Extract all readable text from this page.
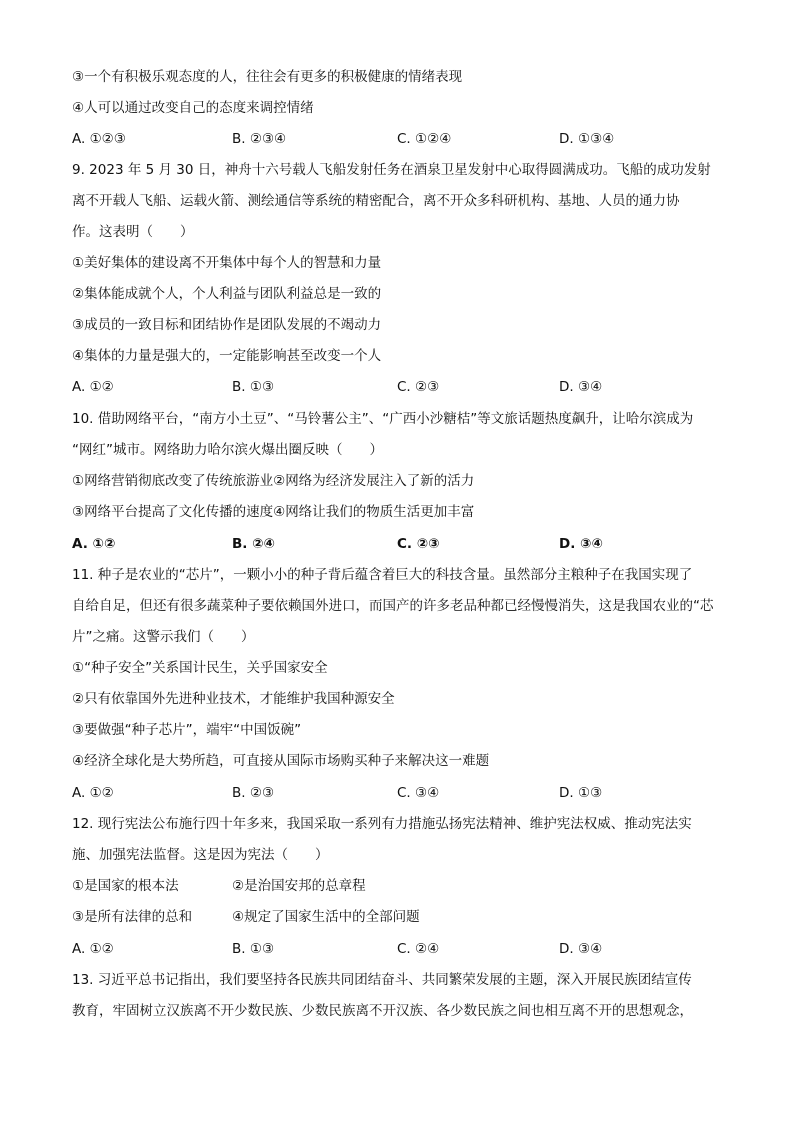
③一个有积极乐观态度的人，往往会有更多的积极健康的情绪表现
④人可以通过改变自己的态度来调控情绪
A. ①②③	B. ②③④	C. ①②④	D. ①③④
9. 2023 年 5 月 30 日，神舟十六号载人飞船发射任务在酒泉卫星发射中心取得圆满成功。飞船的成功发射
离不开载人飞船、运载火箭、测绘通信等系统的精密配合，离不开众多科研机构、基地、人员的通力协
作。这表明（　　）
①美好集体的建设离不开集体中每个人的智慧和力量
②集体能成就个人，个人利益与团队利益总是一致的
③成员的一致目标和团结协作是团队发展的不竭动力
④集体的力量是强大的，一定能影响甚至改变一个人
A. ①②	B. ①③	C. ②③	D. ③④
10. 借助网络平台，“南方小土豆”、“马铃薯公主”、“广西小沙糖桔”等文旅话题热度飙升，让哈尔滨成为
“网红”城市。网络助力哈尔滨火爆出圈反映（　　）
①网络营销彻底改变了传统旅游业②网络为经济发展注入了新的活力
③网络平台提高了文化传播的速度④网络让我们的物质生活更加丰富
A. ①②	B. ②④	C. ②③	D. ③④
11. 种子是农业的“芯片”，一颗小小的种子背后蕴含着巨大的科技含量。虽然部分主粮种子在我国实现了
自给自足，但还有很多蔬菜种子要依赖国外进口，而国产的许多老品种都已经慢慢消失，这是我国农业的“芯
片”之痛。这警示我们（　　）
①“种子安全”关系国计民生，关乎国家安全
②只有依靠国外先进种业技术，才能维护我国种源安全
③要做强“种子芯片”，端牢“中国饭碗”
④经济全球化是大势所趋，可直接从国际市场购买种子来解决这一难题
A. ①②	B. ②③	C. ③④	D. ①③
12. 现行宪法公布施行四十年多来，我国采取一系列有力措施弘扬宪法精神、维护宪法权威、推动宪法实
施、加强宪法监督。这是因为宪法（　　）
①是国家的根本法	②是治国安邦的总章程
③是所有法律的总和	④规定了国家生活中的全部问题
A. ①②	B. ①③	C. ②④	D. ③④
13. 习近平总书记指出，我们要坚持各民族共同团结奋斗、共同繁荣发展的主题，深入开展民族团结宣传
教育，牢固树立汉族离不开少数民族、少数民族离不开汉族、各少数民族之间也相互离不开的思想观念，
